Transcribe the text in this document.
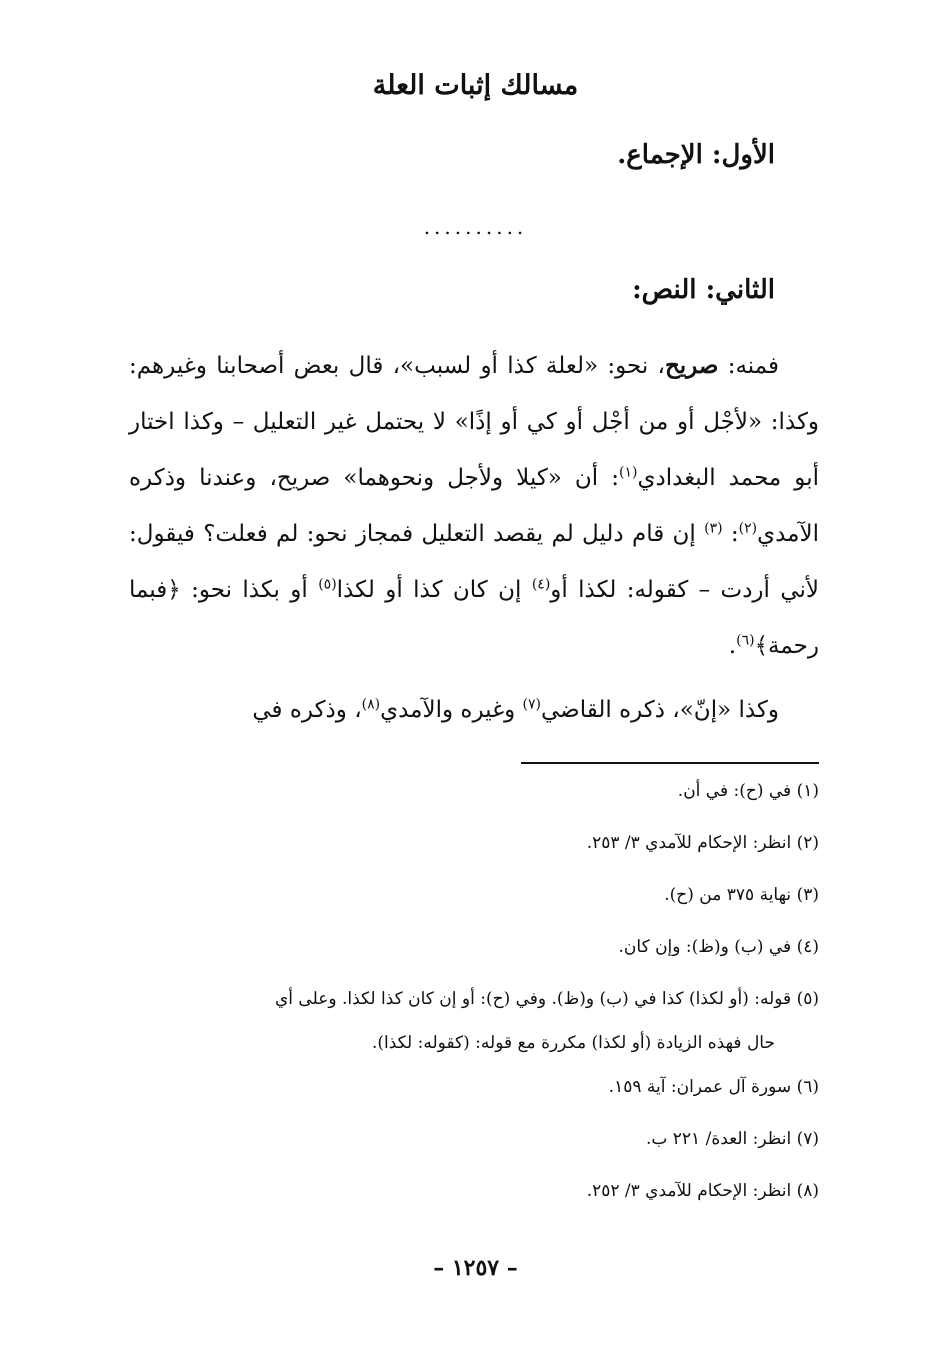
مسالك إثبات العلة
الأول: الإجماع.
..........
الثاني: النص:

فمنه: صريح، نحو: «لعلة كذا أو لسبب»، قال بعض أصحابنا وغيرهم: وكذا: «لأجْل أو من أجْل أو كي أو إذًا» لا يحتمل غير التعليل – وكذا اختار أبو محمد البغدادي$^{(١)}$: أن «كيلا ولأجل ونحوهما» صريح، وعندنا وذكره الآمدي$^{(٢)}$: $^{(٣)}$ إن قام دليل لم يقصد التعليل فمجاز نحو: لم فعلت؟ فيقول: لأني أردت – كقوله: لكذا أو$^{(٤)}$ إن كان كذا أو لكذا$^{(٥)}$ أو بكذا نحو: ﴿فبما رحمة﴾$^{(٦)}$.

وكذا «إنّ»، ذكره القاضي$^{(٧)}$ وغيره والآمدي$^{(٨)}$، وذكره في

(١) في (ح): في أن.
(٢) انظر: الإحكام للآمدي ٣/ ٢٥٣.
(٣) نهاية ٣٧٥ من (ح).
(٤) في (ب) و(ظ): وإن كان.
(٥) قوله: (أو لكذا) كذا في (ب) و(ظ). وفي (ح): أو إن كان كذا لكذا. وعلى أي
حال فهذه الزيادة (أو لكذا) مكررة مع قوله: (كقوله: لكذا).
(٦) سورة آل عمران: آية ١٥٩.
(٧) انظر: العدة/ ٢٢١ ب.
(٨) انظر: الإحكام للآمدي ٣/ ٢٥٢.
– ١٢٥٧ –
